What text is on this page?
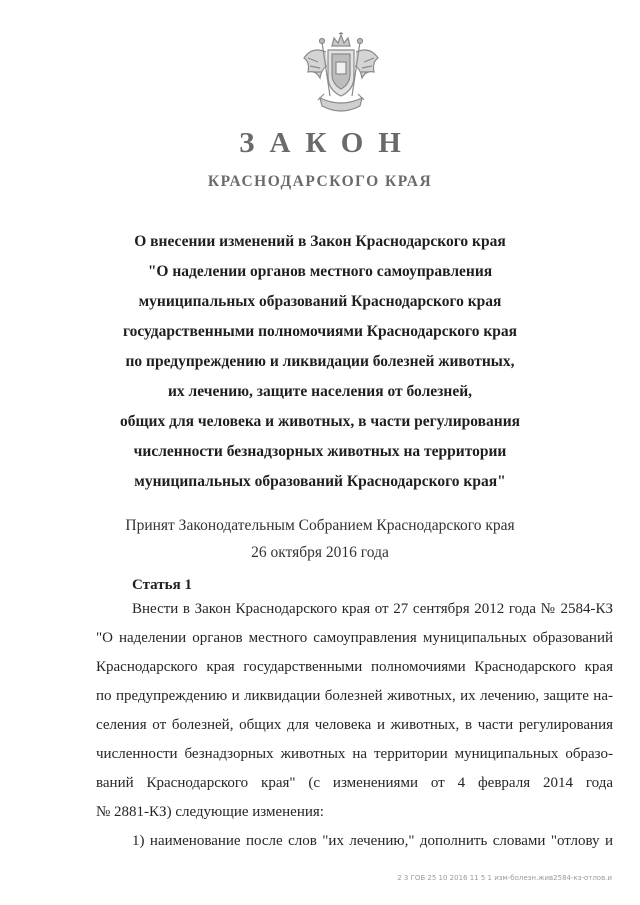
ЗАКОН
КРАСНОДАРСКОГО КРАЯ
О внесении изменений в Закон Краснодарского края
"О наделении органов местного самоуправления
муниципальных образований Краснодарского края
государственными полномочиями Краснодарского края
по предупреждению и ликвидации болезней животных,
их лечению, защите населения от болезней,
общих для человека и животных, в части регулирования
численности безнадзорных животных на территории
муниципальных образований Краснодарского края"
Принят Законодательным Собранием Краснодарского края
26 октября 2016 года
Статья 1
Внести в Закон Краснодарского края от 27 сентября 2012 года № 2584-КЗ
"О наделении органов местного самоуправления муниципальных образований
Краснодарского края государственными полномочиями Краснодарского края
по предупреждению и ликвидации болезней животных, их лечению, защите на-
селения от болезней, общих для человека и животных, в части регулирования
численности безнадзорных животных на территории муниципальных образо-
ваний Краснодарского края" (с изменениями от 4 февраля 2014 года
№ 2881-КЗ) следующие изменения:
1) наименование после слов "их лечению," дополнить словами "отлову и
2 3 ГОБ 25 10 2016 11 5 1 изм-болезн.жив2584-кз-отлов.и
